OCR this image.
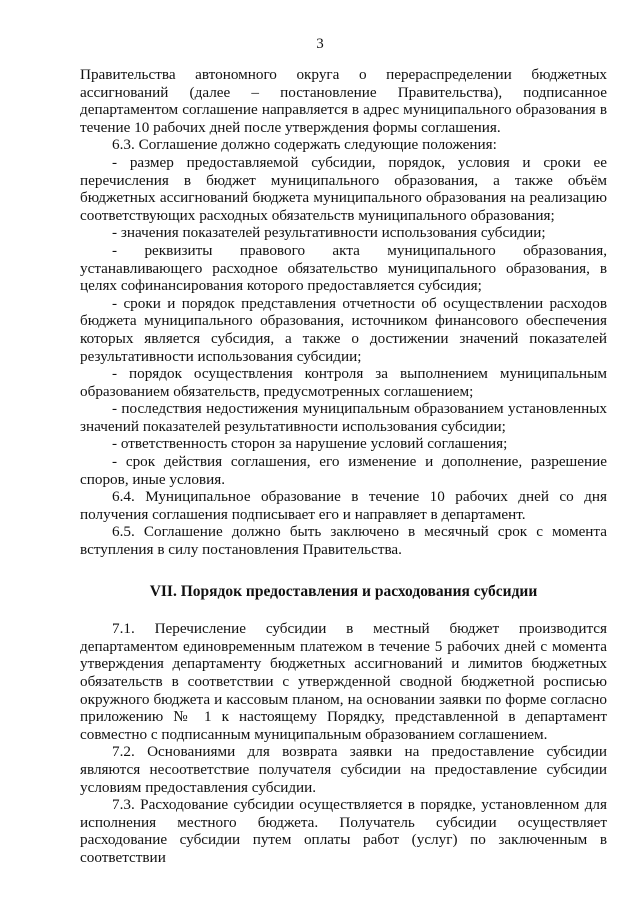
3

Правительства автономного округа о перераспределении бюджетных ассигнований (далее – постановление Правительства), подписанное департаментом соглашение направляется в адрес муниципального образования в течение 10 рабочих дней после утверждения формы соглашения.

6.3. Соглашение должно содержать следующие положения:

- размер предоставляемой субсидии, порядок, условия и сроки ее перечисления в бюджет муниципального образования, а также объём бюджетных ассигнований бюджета муниципального образования на реализацию соответствующих расходных обязательств муниципального образования;

- значения показателей результативности использования субсидии;

- реквизиты правового акта муниципального образования, устанавливающего расходное обязательство муниципального образования, в целях софинансирования которого предоставляется субсидия;

- сроки и порядок представления отчетности об осуществлении расходов бюджета муниципального образования, источником финансового обеспечения которых является субсидия, а также о достижении значений показателей результативности использования субсидии;

- порядок осуществления контроля за выполнением муниципальным образованием обязательств, предусмотренных соглашением;

- последствия недостижения муниципальным образованием установленных значений показателей результативности использования субсидии;

- ответственность сторон за нарушение условий соглашения;

- срок действия соглашения, его изменение и дополнение, разрешение споров, иные условия.

6.4. Муниципальное образование в течение 10 рабочих дней со дня получения соглашения подписывает его и направляет в департамент.

6.5. Соглашение должно быть заключено в месячный срок с момента вступления в силу постановления Правительства.

VII. Порядок предоставления и расходования субсидии

7.1. Перечисление субсидии в местный бюджет производится департаментом единовременным платежом в течение 5 рабочих дней с момента утверждения департаменту бюджетных ассигнований и лимитов бюджетных обязательств в соответствии с утвержденной сводной бюджетной росписью окружного бюджета и кассовым планом, на основании заявки по форме согласно приложению № 1 к настоящему Порядку, представленной в департамент совместно с подписанным муниципальным образованием соглашением.

7.2. Основаниями для возврата заявки на предоставление субсидии являются несоответствие получателя субсидии на предоставление субсидии условиям предоставления субсидии.

7.3. Расходование субсидии осуществляется в порядке, установленном для исполнения местного бюджета. Получатель субсидии осуществляет расходование субсидии путем оплаты работ (услуг) по заключенным в соответствии
